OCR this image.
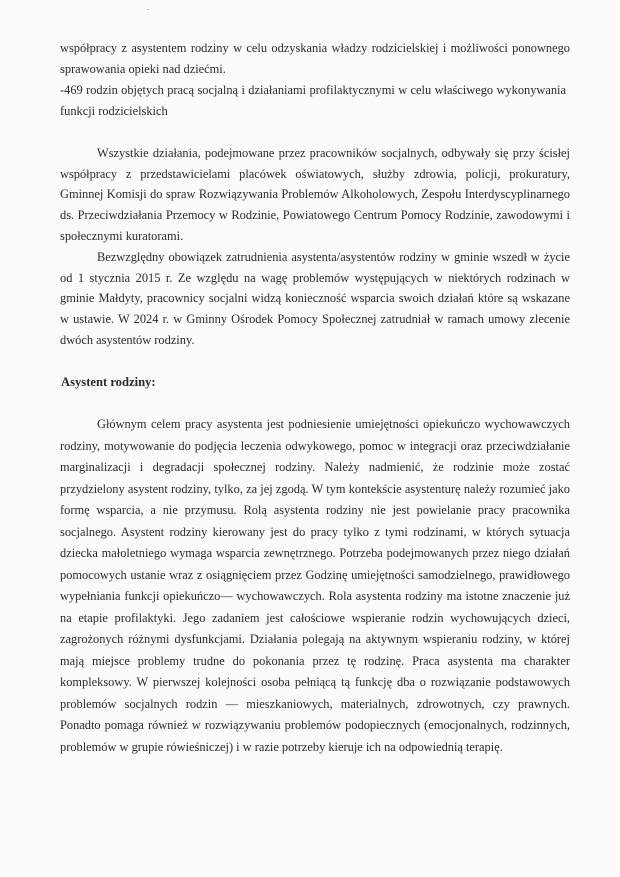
współpracy z asystentem rodziny w celu odzyskania władzy rodzicielskiej i możliwości ponownego sprawowania opieki nad dziećmi.
-469 rodzin objętych pracą socjalną i działaniami profilaktycznymi w celu właściwego wykonywania funkcji rodzicielskich
Wszystkie działania, podejmowane przez pracowników socjalnych, odbywały się przy ścisłej współpracy z przedstawicielami placówek oświatowych, służby zdrowia, policji, prokuratury, Gminnej Komisji do spraw Rozwiązywania Problemów Alkoholowych, Zespołu Interdyscyplinarnego ds. Przeciwdziałania Przemocy w Rodzinie, Powiatowego Centrum Pomocy Rodzinie, zawodowymi i społecznymi kuratorami.
Bezwzględny obowiązek zatrudnienia asystenta/asystentów rodziny w gminie wszedł w życie od 1 stycznia 2015 r. Ze względu na wagę problemów występujących w niektórych rodzinach w gminie Małdyty, pracownicy socjalni widzą konieczność wsparcia swoich działań które są wskazane w ustawie. W 2024 r. w Gminny Ośrodek Pomocy Społecznej zatrudniał w ramach umowy zlecenie dwóch asystentów rodziny.
Asystent rodziny:
Głównym celem pracy asystenta jest podniesienie umiejętności opiekuńczo wychowawczych rodziny, motywowanie do podjęcia leczenia odwykowego, pomoc w integracji oraz przeciwdziałanie marginalizacji i degradacji społecznej rodziny. Należy nadmienić, że rodzinie może zostać przydzielony asystent rodziny, tylko, za jej zgodą. W tym kontekście asystenturę należy rozumieć jako formę wsparcia, a nie przymusu. Rolą asystenta rodziny nie jest powielanie pracy pracownika socjalnego. Asystent rodziny kierowany jest do pracy tylko z tymi rodzinami, w których sytuacja dziecka małoletniego wymaga wsparcia zewnętrznego. Potrzeba podejmowanych przez niego działań pomocowych ustanie wraz z osiągnięciem przez Godzinę umiejętności samodzielnego, prawidłowego wypełniania funkcji opiekuńczo— wychowawczych. Rola asystenta rodziny ma istotne znaczenie już na etapie profilaktyki. Jego zadaniem jest całościowe wspieranie rodzin wychowujących dzieci, zagrożonych różnymi dysfunkcjami. Działania polegają na aktywnym wspieraniu rodziny, w której mają miejsce problemy trudne do pokonania przez tę rodzinę. Praca asystenta ma charakter kompleksowy. W pierwszej kolejności osoba pełniącą tą funkcję dba o rozwiązanie podstawowych problemów socjalnych rodzin — mieszkaniowych, materialnych, zdrowotnych, czy prawnych. Ponadto pomaga również w rozwiązywaniu problemów podopiecznych (emocjonalnych, rodzinnych, problemów w grupie rówieśniczej) i w razie potrzeby kieruje ich na odpowiednią terapię.
